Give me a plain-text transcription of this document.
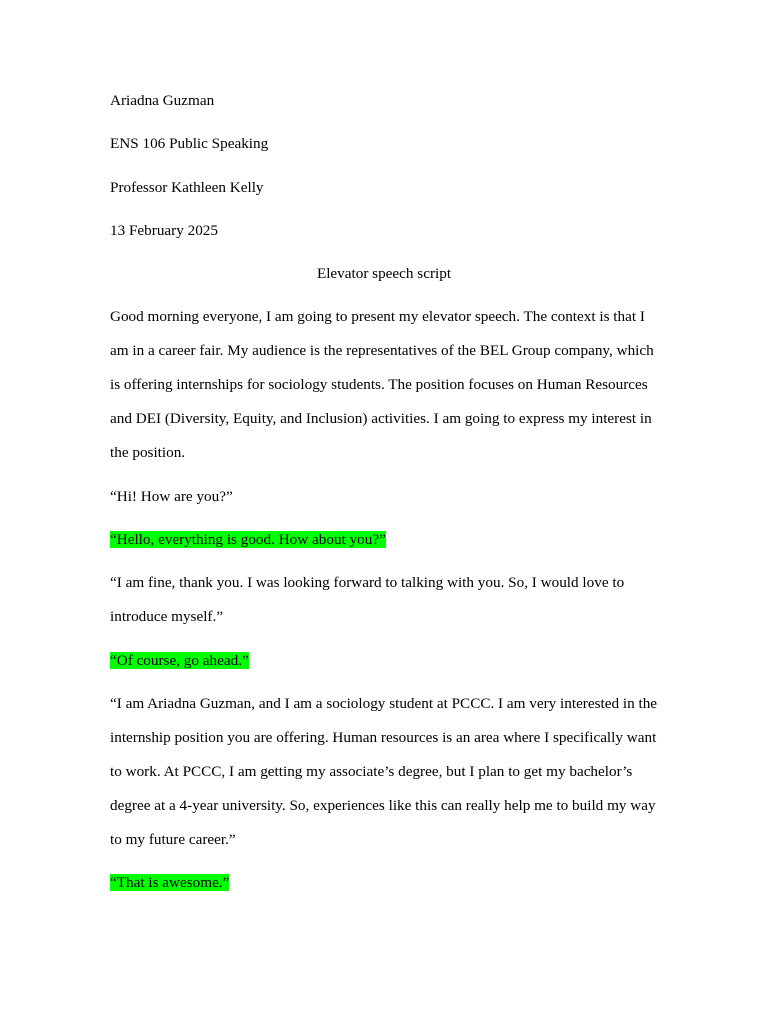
Ariadna Guzman
ENS 106 Public Speaking
Professor Kathleen Kelly
13 February 2025
Elevator speech script
Good morning everyone, I am going to present my elevator speech. The context is that I am in a career fair. My audience is the representatives of the BEL Group company, which is offering internships for sociology students. The position focuses on Human Resources and DEI (Diversity, Equity, and Inclusion) activities. I am going to express my interest in the position.
“Hi! How are you?”
“Hello, everything is good. How about you?”
“I am fine, thank you. I was looking forward to talking with you. So, I would love to introduce myself.”
“Of course, go ahead.”
“I am Ariadna Guzman, and I am a sociology student at PCCC. I am very interested in the internship position you are offering. Human resources is an area where I specifically want to work. At PCCC, I am getting my associate’s degree, but I plan to get my bachelor’s degree at a 4-year university. So, experiences like this can really help me to build my way to my future career.”
“That is awesome.”
